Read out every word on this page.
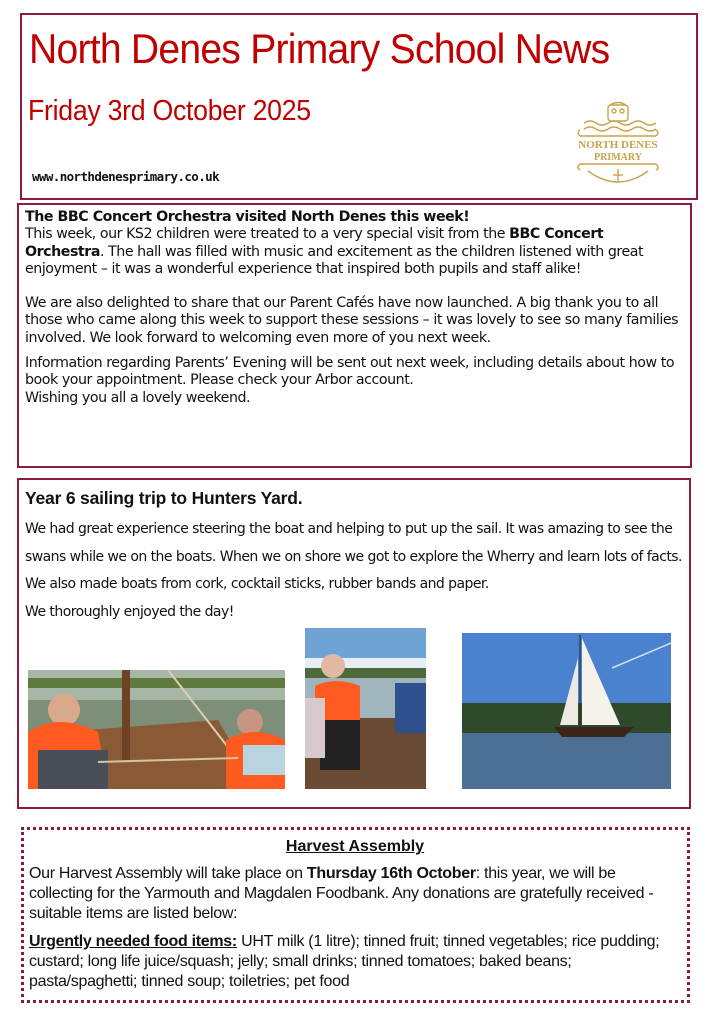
North Denes Primary School News
Friday 3rd October 2025
www.northdenesprimary.co.uk
NORTH DENES
PRIMARY

The BBC Concert Orchestra visited North Denes this week!

This week, our KS2 children were treated to a very special visit from the BBC Concert Orchestra. The hall was filled with music and excitement as the children listened with great enjoyment – it was a wonderful experience that inspired both pupils and staff alike!

We are also delighted to share that our Parent Cafés have now launched. A big thank you to all those who came along this week to support these sessions – it was lovely to see so many families involved. We look forward to welcoming even more of you next week.

Information regarding Parents’ Evening will be sent out next week, including details about how to book your appointment. Please check your Arbor account.

Wishing you all a lovely weekend.

Year 6 sailing trip to Hunters Yard.

We had great experience steering the boat and helping to put up the sail. It was amazing to see the swans while we on the boats. When we on shore we got to explore the Wherry and learn lots of facts. We also made boats from cork, cocktail sticks, rubber bands and paper.

We thoroughly enjoyed the day!

Harvest Assembly

Our Harvest Assembly will take place on Thursday 16th October: this year, we will be collecting for the Yarmouth and Magdalen Foodbank. Any donations are gratefully received - suitable items are listed below:

Urgently needed food items: UHT milk (1 litre); tinned fruit; tinned vegetables; rice pudding; custard; long life juice/squash; jelly; small drinks; tinned tomatoes; baked beans; pasta/spaghetti; tinned soup; toiletries; pet food
